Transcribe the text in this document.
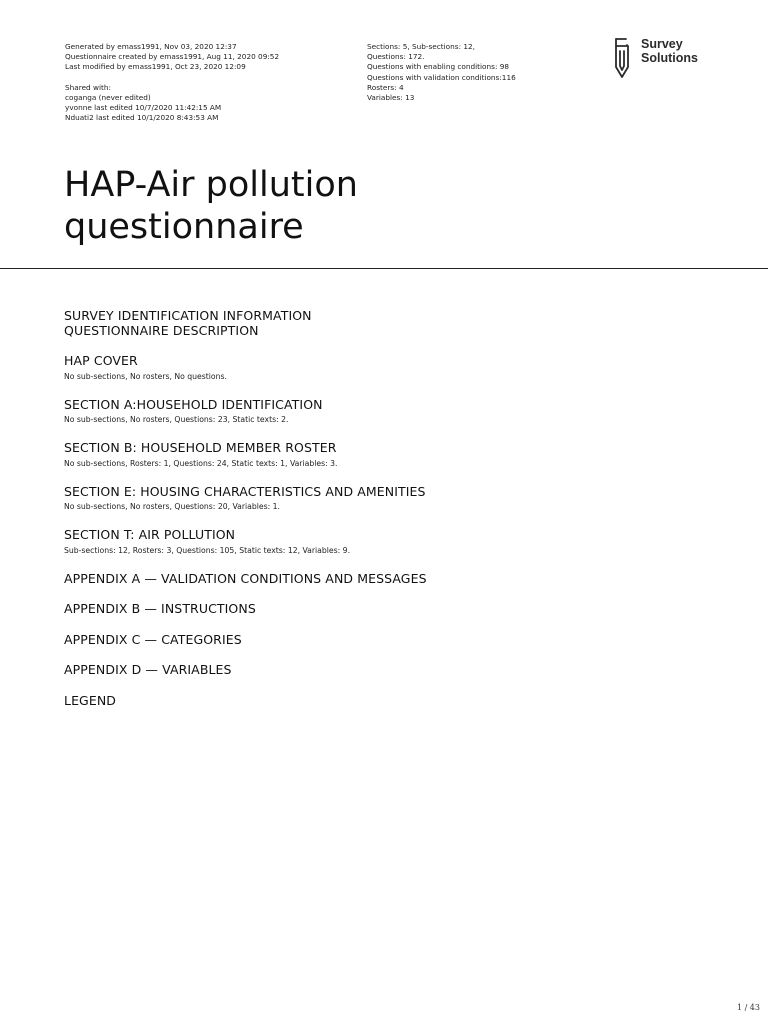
Generated by emass1991, Nov 03, 2020 12:37
Questionnaire created by emass1991, Aug 11, 2020 09:52
Last modified by emass1991, Oct 23, 2020 12:09
Shared with:
coganga (never edited)
yvonne last edited 10/7/2020 11:42:15 AM
Nduati2 last edited 10/1/2020 8:43:53 AM
Sections: 5, Sub-sections: 12,
Questions: 172.
Questions with enabling conditions: 98
Questions with validation conditions:116
Rosters: 4
Variables: 13
Survey
Solutions
HAP-Air pollution
questionnaire
SURVEY IDENTIFICATION INFORMATION
QUESTIONNAIRE DESCRIPTION
HAP COVER
No sub-sections, No rosters, No questions.
SECTION A:HOUSEHOLD IDENTIFICATION
No sub-sections, No rosters, Questions: 23, Static texts: 2.
SECTION B: HOUSEHOLD MEMBER ROSTER
No sub-sections, Rosters: 1, Questions: 24, Static texts: 1, Variables: 3.
SECTION E: HOUSING CHARACTERISTICS AND AMENITIES
No sub-sections, No rosters, Questions: 20, Variables: 1.
SECTION T: AIR POLLUTION
Sub-sections: 12, Rosters: 3, Questions: 105, Static texts: 12, Variables: 9.
APPENDIX A — VALIDATION CONDITIONS AND MESSAGES
APPENDIX B — INSTRUCTIONS
APPENDIX C — CATEGORIES
APPENDIX D — VARIABLES
LEGEND
1 / 43
